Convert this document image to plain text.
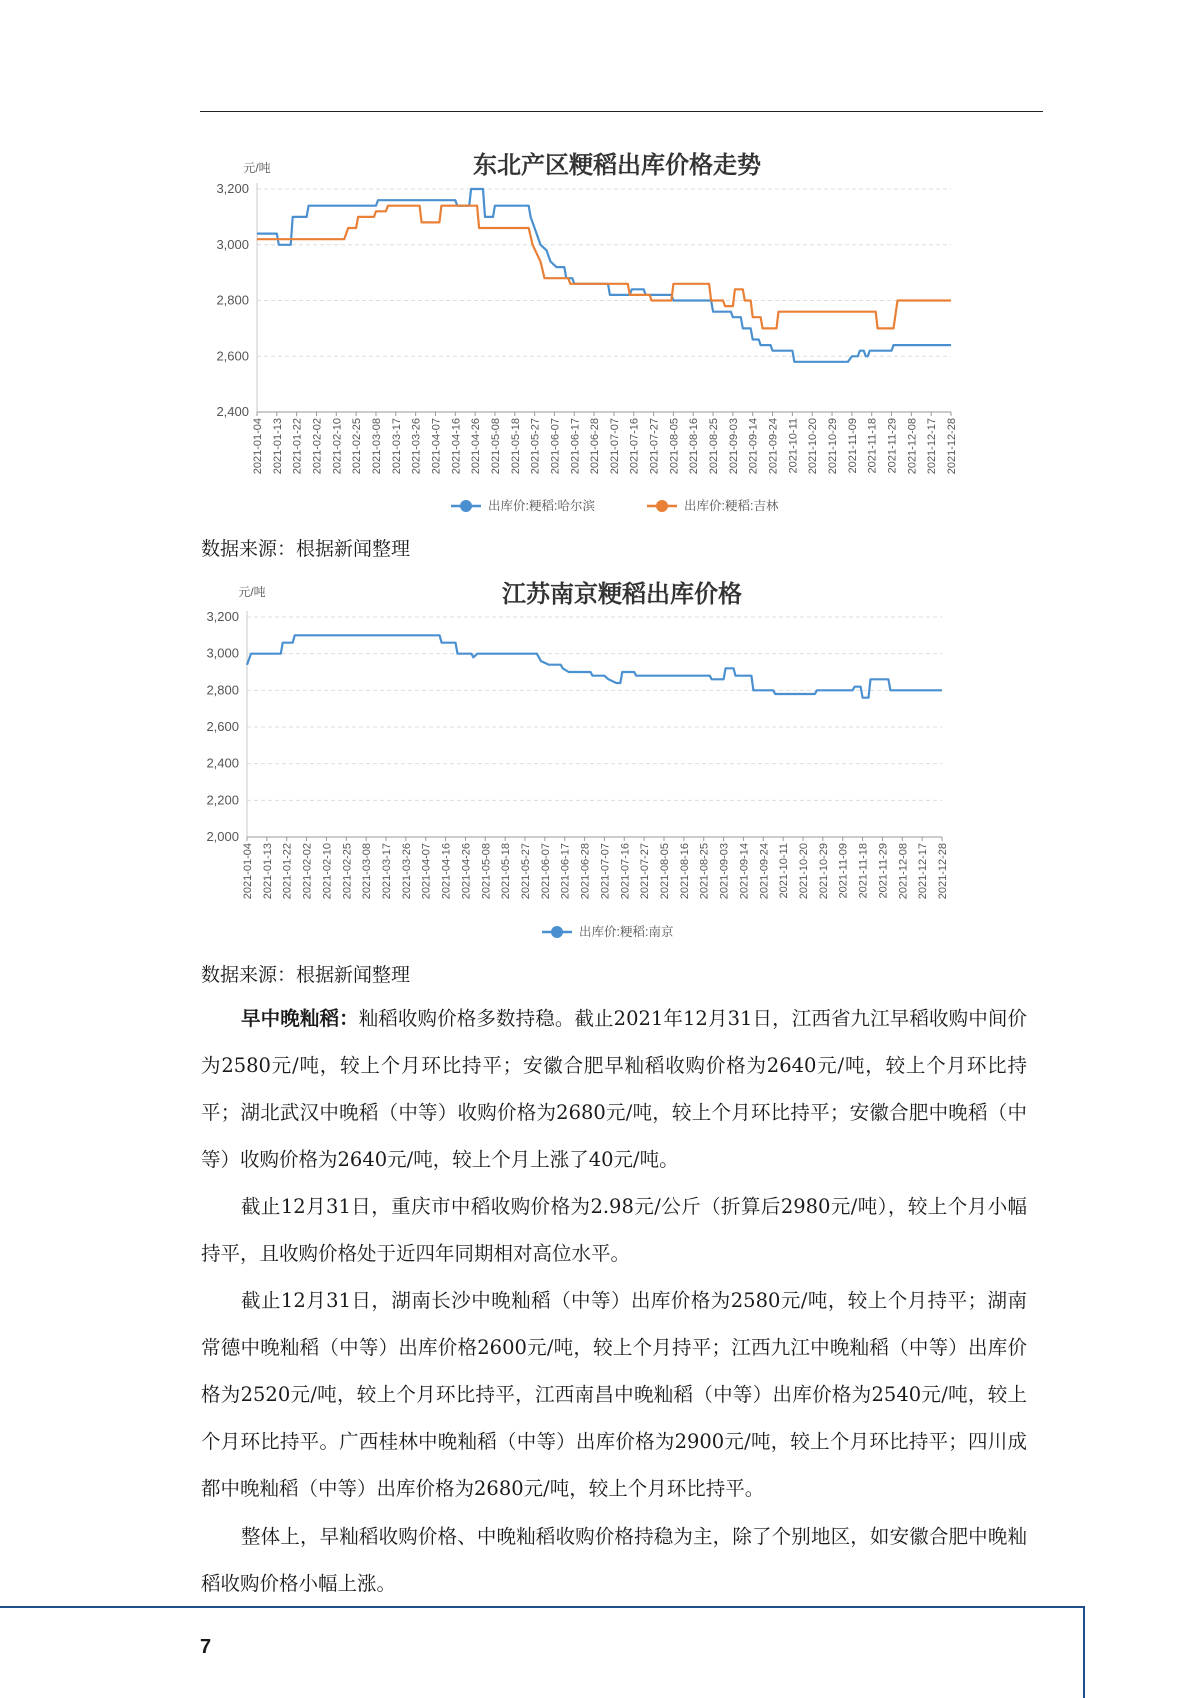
东北产区粳稻出库价格走势
元/吨
3,200
3,000
2,800
2,600
2,400
2021-01-04 2021-01-13 2021-01-22 2021-02-02 2021-02-10 2021-02-25 2021-03-08 2021-03-17 2021-03-26 2021-04-07 2021-04-16 2021-04-26 2021-05-08 2021-05-18 2021-05-27 2021-06-07 2021-06-17 2021-06-28 2021-07-07 2021-07-16 2021-07-27 2021-08-05 2021-08-16 2021-08-25 2021-09-03 2021-09-14 2021-09-24 2021-10-11 2021-10-20 2021-10-29 2021-11-09 2021-11-18 2021-11-29 2021-12-08 2021-12-17 2021-12-28
出库价:粳稻:哈尔滨	出库价:粳稻:吉林
数据来源：根据新闻整理
江苏南京粳稻出库价格
元/吨
3,200
3,000
2,800
2,600
2,400
2,200
2,000
2021-01-04 2021-01-13 2021-01-22 2021-02-02 2021-02-10 2021-02-25 2021-03-08 2021-03-17 2021-03-26 2021-04-07 2021-04-16 2021-04-26 2021-05-08 2021-05-18 2021-05-27 2021-06-07 2021-06-17 2021-06-28 2021-07-07 2021-07-16 2021-07-27 2021-08-05 2021-08-16 2021-08-25 2021-09-03 2021-09-14 2021-09-24 2021-10-11 2021-10-20 2021-10-29 2021-11-09 2021-11-18 2021-11-29 2021-12-08 2021-12-17 2021-12-28
出库价:粳稻:南京
数据来源：根据新闻整理

早中晚籼稻：籼稻收购价格多数持稳。截止2021年12月31日，江西省九江早稻收购中间价为2580元/吨，较上个月环比持平；安徽合肥早籼稻收购价格为2640元/吨，较上个月环比持平；湖北武汉中晚稻（中等）收购价格为2680元/吨，较上个月环比持平；安徽合肥中晚稻（中等）收购价格为2640元/吨，较上个月上涨了40元/吨。

截止12月31日，重庆市中稻收购价格为2.98元/公斤（折算后2980元/吨），较上个月小幅持平，且收购价格处于近四年同期相对高位水平。

截止12月31日，湖南长沙中晚籼稻（中等）出库价格为2580元/吨，较上个月持平；湖南常德中晚籼稻（中等）出库价格2600元/吨，较上个月持平；江西九江中晚籼稻（中等）出库价格为2520元/吨，较上个月环比持平，江西南昌中晚籼稻（中等）出库价格为2540元/吨，较上个月环比持平。广西桂林中晚籼稻（中等）出库价格为2900元/吨，较上个月环比持平；四川成都中晚籼稻（中等）出库价格为2680元/吨，较上个月环比持平。

整体上，早籼稻收购价格、中晚籼稻收购价格持稳为主，除了个别地区，如安徽合肥中晚籼稻收购价格小幅上涨。

7
